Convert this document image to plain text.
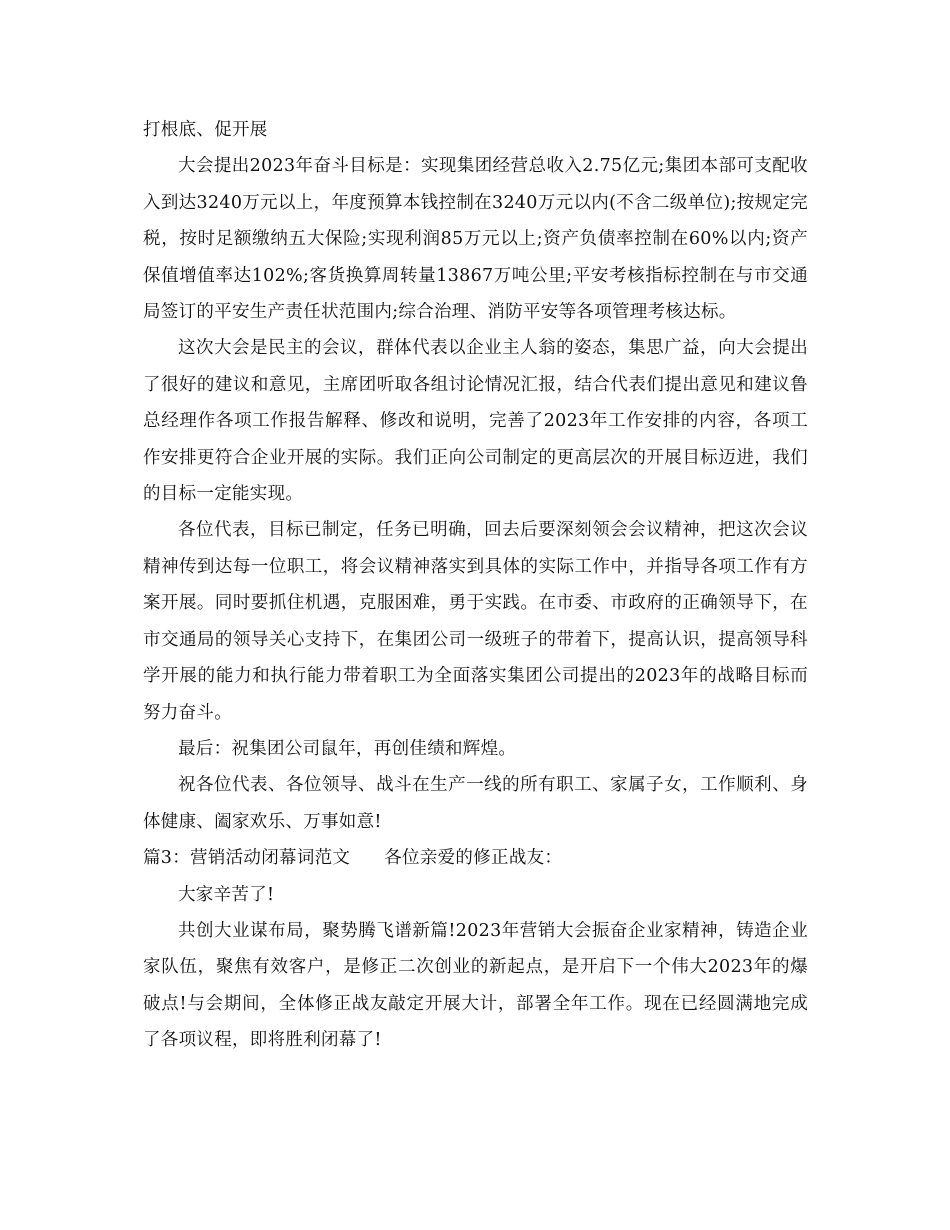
打根底、促开展

大会提出2023年奋斗目标是：实现集团经营总收入2.75亿元;集团本部可支配收入到达3240万元以上，年度预算本钱控制在3240万元以内(不含二级单位);按规定完税，按时足额缴纳五大保险;实现利润85万元以上;资产负债率控制在60%以内;资产保值增值率达102%;客货换算周转量13867万吨公里;平安考核指标控制在与市交通局签订的平安生产责任状范围内;综合治理、消防平安等各项管理考核达标。

这次大会是民主的会议，群体代表以企业主人翁的姿态，集思广益，向大会提出了很好的建议和意见，主席团听取各组讨论情况汇报，结合代表们提出意见和建议鲁总经理作各项工作报告解释、修改和说明，完善了2023年工作安排的内容，各项工作安排更符合企业开展的实际。我们正向公司制定的更高层次的开展目标迈进，我们的目标一定能实现。

各位代表，目标已制定，任务已明确，回去后要深刻领会会议精神，把这次会议精神传到达每一位职工，将会议精神落实到具体的实际工作中，并指导各项工作有方案开展。同时要抓住机遇，克服困难，勇于实践。在市委、市政府的正确领导下，在市交通局的领导关心支持下，在集团公司一级班子的带着下，提高认识，提高领导科学开展的能力和执行能力带着职工为全面落实集团公司提出的2023年的战略目标而努力奋斗。

最后：祝集团公司鼠年，再创佳绩和辉煌。

祝各位代表、各位领导、战斗在生产一线的所有职工、家属子女，工作顺利、身体健康、阖家欢乐、万事如意!

篇3：营销活动闭幕词范文 各位亲爱的修正战友：

大家辛苦了!

共创大业谋布局，聚势腾飞谱新篇!2023年营销大会振奋企业家精神，铸造企业家队伍，聚焦有效客户，是修正二次创业的新起点，是开启下一个伟大2023年的爆破点!与会期间，全体修正战友敲定开展大计，部署全年工作。现在已经圆满地完成了各项议程，即将胜利闭幕了!
